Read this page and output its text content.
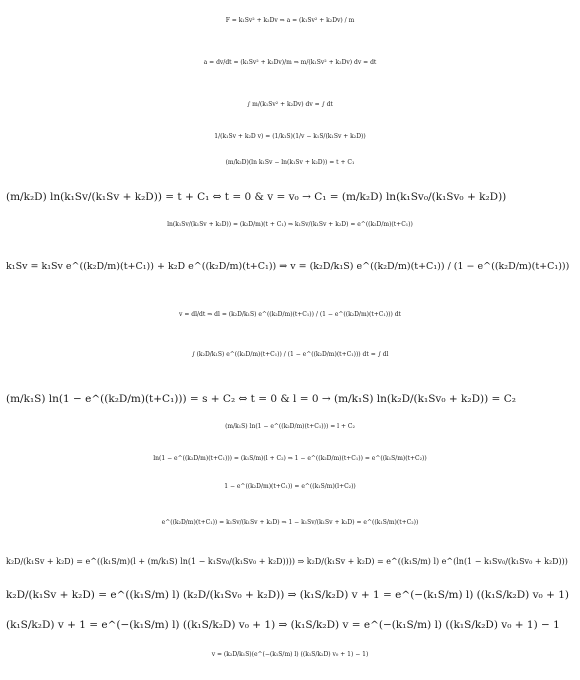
F = k₁Sv² + k₂Dv ⇒ a = (k₁Sv² + k₂Dv) / m
a = dv/dt = (k₁Sv² + k₂Dv)/m ⇒ m/(k₁Sv² + k₂Dv) dv = dt
∫ m/(k₁Sv² + k₂Dv) dv = ∫ dt
1/(k₁Sv + k₂D v) = (1/k₁S)(1/v − k₁S/(k₁Sv + k₂D))
(m/k₂D)(ln k₁Sv − ln(k₁Sv + k₂D)) = t + C₁
(m/k₂D) ln(k₁Sv/(k₁Sv + k₂D)) = t + C₁ ⇔ t = 0 & v = v₀ → C₁ = (m/k₂D) ln(k₁Sv₀/(k₁Sv₀ + k₂D))
ln(k₁Sv/(k₁Sv + k₂D)) = (k₂D/m)(t + C₁) ⇒ k₁Sv/(k₁Sv + k₂D) = e^((k₂D/m)(t+C₁))
k₁Sv = k₁Sv e^((k₂D/m)(t+C₁)) + k₂D e^((k₂D/m)(t+C₁)) ⇒ v = (k₂D/k₁S) e^((k₂D/m)(t+C₁)) / (1 − e^((k₂D/m)(t+C₁)))
v = dl/dt ⇒ dl = (k₂D/k₁S) e^((k₂D/m)(t+C₁)) / (1 − e^((k₂D/m)(t+C₁))) dt
∫ (k₂D/k₁S) e^((k₂D/m)(t+C₁)) / (1 − e^((k₂D/m)(t+C₁))) dt = ∫ dl
(m/k₁S) ln(1 − e^((k₂D/m)(t+C₁))) = s + C₂ ⇔ t = 0 & l = 0 → (m/k₁S) ln(k₂D/(k₁Sv₀ + k₂D)) = C₂
(m/k₁S) ln(1 − e^((k₂D/m)(t+C₁))) = l + C₂
ln(1 − e^((k₂D/m)(t+C₁))) = (k₁S/m)(l + C₂) ⇒ 1 − e^((k₂D/m)(t+C₁)) = e^((k₁S/m)(t+C₂))
1 − e^((k₂D/m)(t+C₁)) = e^((k₁S/m)(l+C₂))
e^((k₂D/m)(t+C₁)) = k₁Sv/(k₁Sv + k₂D) ⇒ 1 − k₁Sv/(k₁Sv + k₂D) = e^((k₁S/m)(t+C₂))
k₂D/(k₁Sv + k₂D) = e^((k₁S/m)(l + (m/k₁S) ln(1 − k₁Sv₀/(k₁Sv₀ + k₂D)))) ⇒ k₂D/(k₁Sv + k₂D) = e^((k₁S/m) l) e^(ln(1 − k₁Sv₀/(k₁Sv₀ + k₂D)))
k₂D/(k₁Sv + k₂D) = e^((k₁S/m) l) (k₂D/(k₁Sv₀ + k₂D)) ⇒ (k₁S/k₂D) v + 1 = e^(−(k₁S/m) l) ((k₁S/k₂D) v₀ + 1)
(k₁S/k₂D) v + 1 = e^(−(k₁S/m) l) ((k₁S/k₂D) v₀ + 1) ⇒ (k₁S/k₂D) v = e^(−(k₁S/m) l) ((k₁S/k₂D) v₀ + 1) − 1
v = (k₂D/k₁S)(e^(−(k₁S/m) l) ((k₁S/k₂D) v₀ + 1) − 1)
